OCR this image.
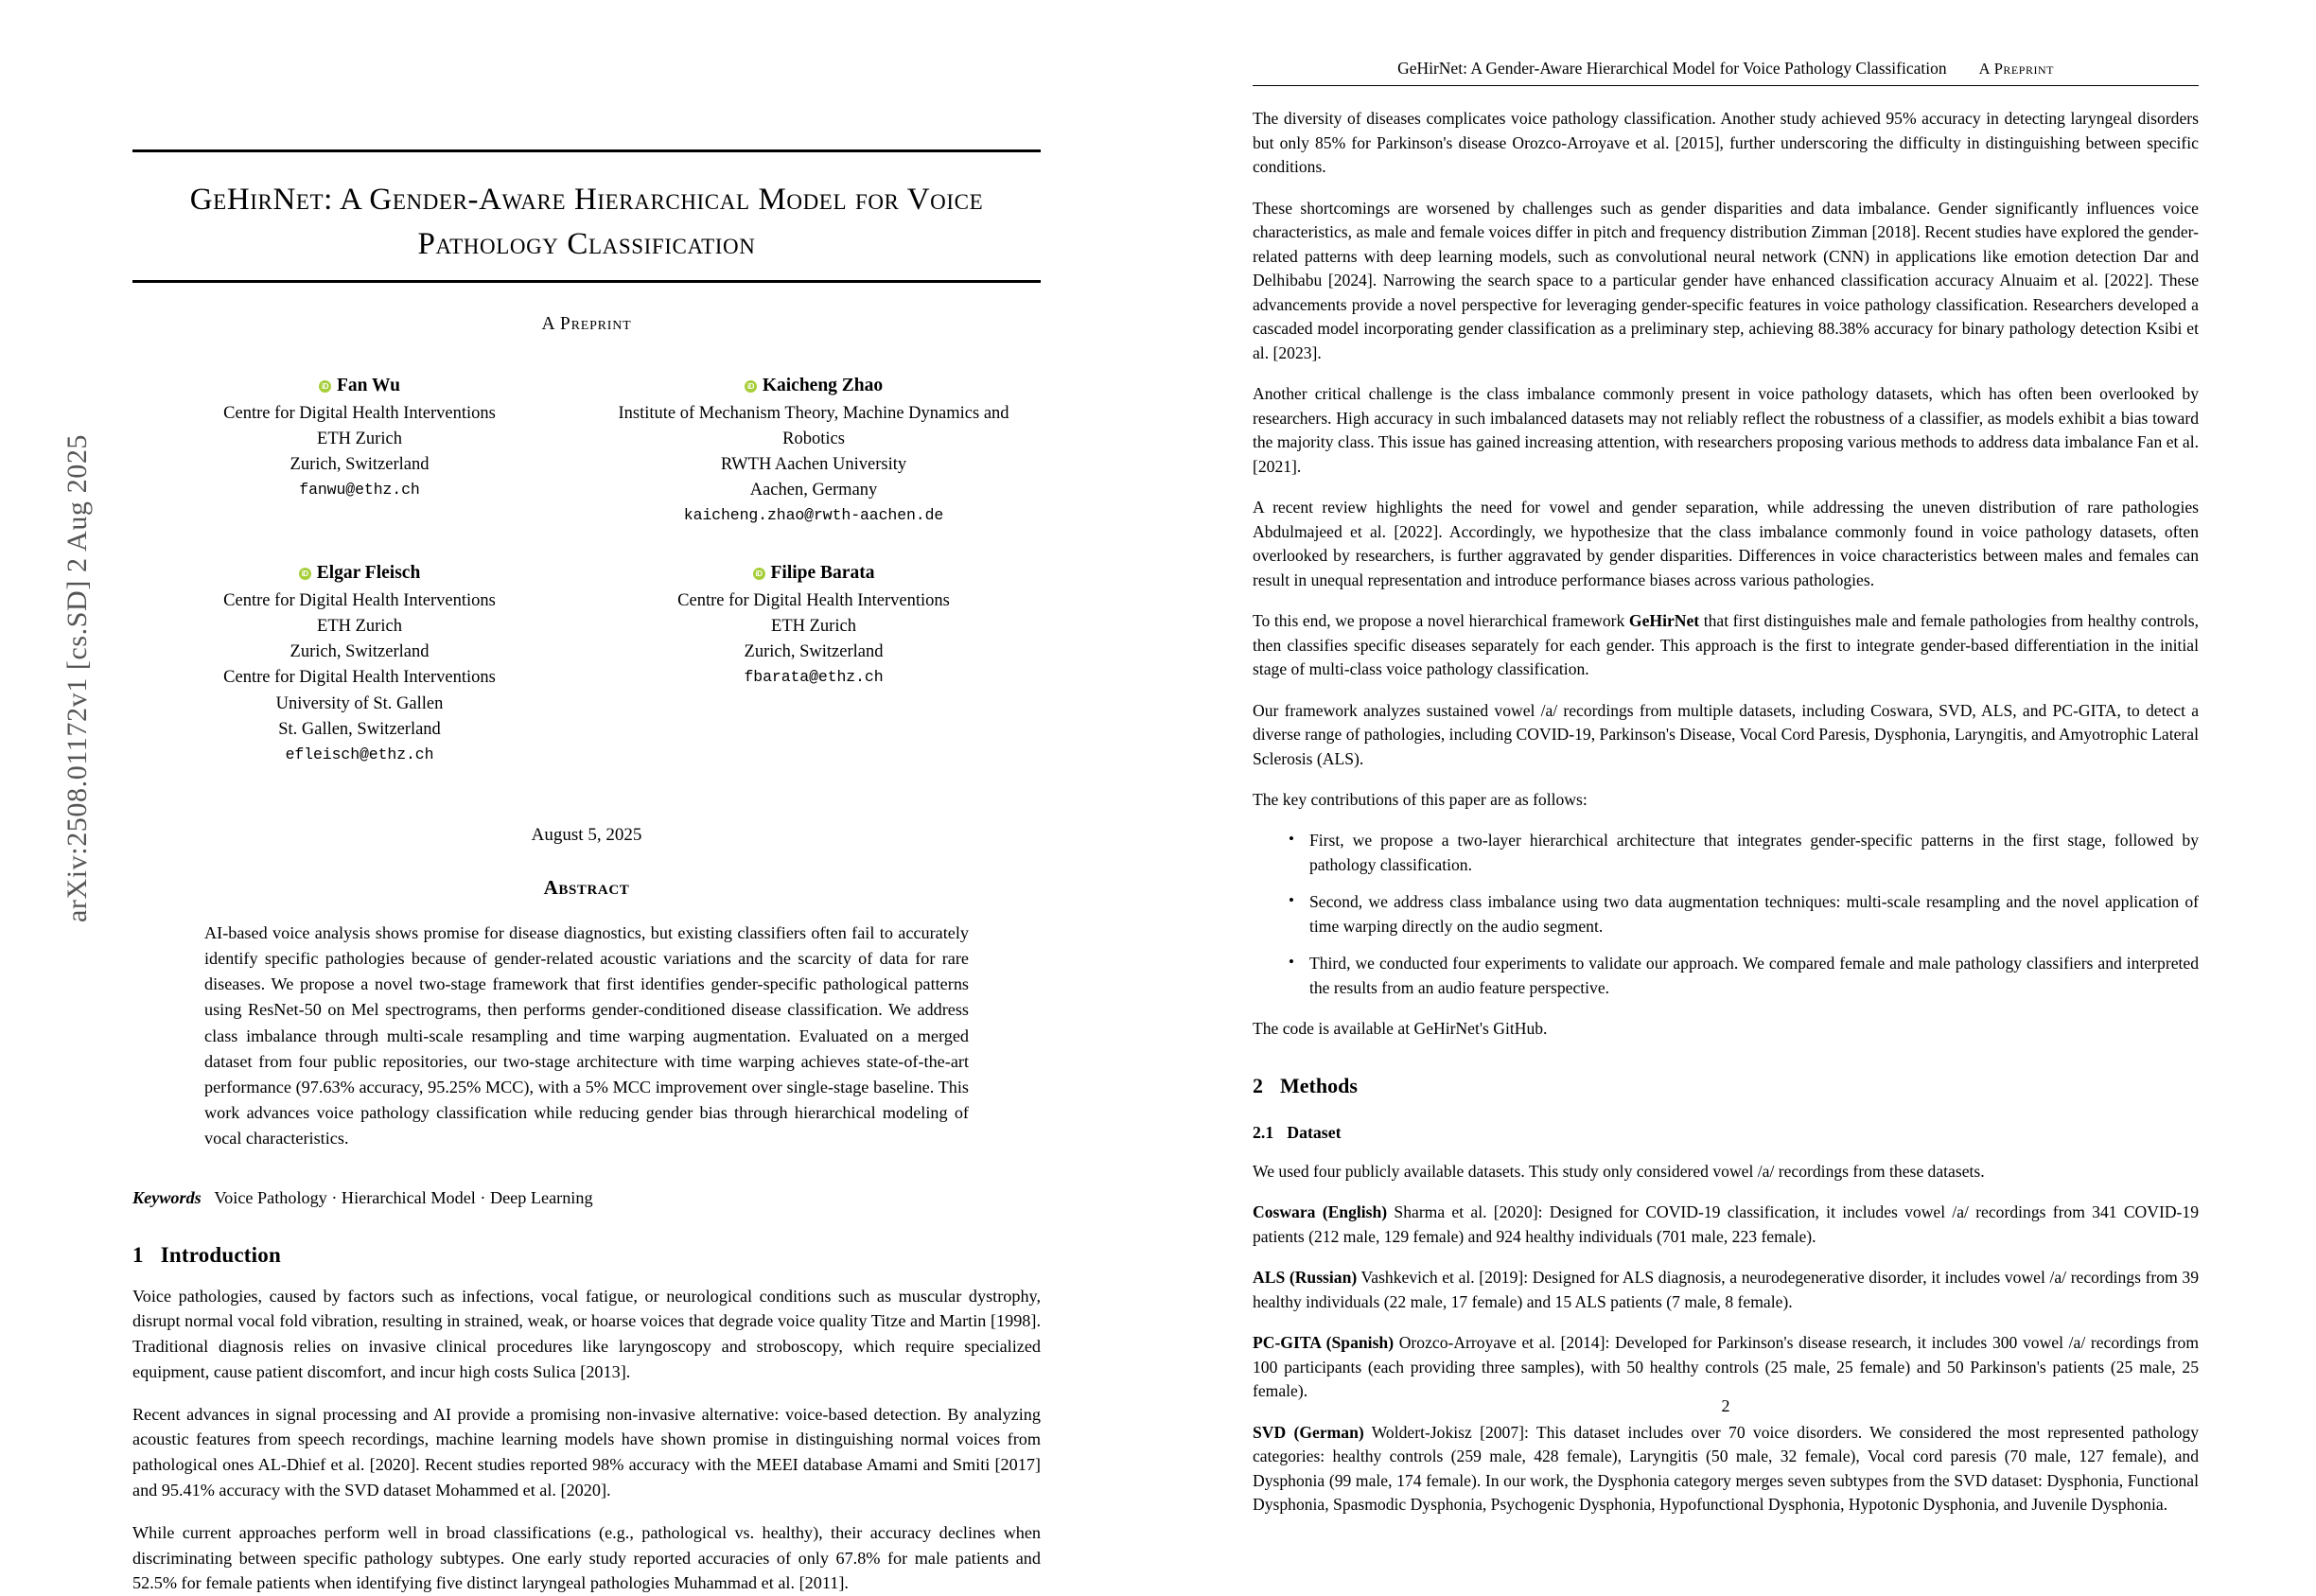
arXiv:2508.01172v1 [cs.SD] 2 Aug 2025
GeHirNet: A Gender-Aware Hierarchical Model for Voice Pathology Classification
A Preprint
iD
Fan Wu
Centre for Digital Health Interventions
ETH Zurich
Zurich, Switzerland
fanwu@ethz.ch
iD
Kaicheng Zhao
Institute of Mechanism Theory, Machine Dynamics and Robotics
RWTH Aachen University
Aachen, Germany
kaicheng.zhao@rwth-aachen.de
iD
Elgar Fleisch
Centre for Digital Health Interventions
ETH Zurich
Zurich, Switzerland
Centre for Digital Health Interventions
University of St. Gallen
St. Gallen, Switzerland
efleisch@ethz.ch
iD
Filipe Barata
Centre for Digital Health Interventions
ETH Zurich
Zurich, Switzerland
fbarata@ethz.ch
August 5, 2025
Abstract
AI-based voice analysis shows promise for disease diagnostics, but existing classifiers often fail to accurately identify specific pathologies because of gender-related acoustic variations and the scarcity of data for rare diseases. We propose a novel two-stage framework that first identifies gender-specific pathological patterns using ResNet-50 on Mel spectrograms, then performs gender-conditioned disease classification. We address class imbalance through multi-scale resampling and time warping augmentation. Evaluated on a merged dataset from four public repositories, our two-stage architecture with time warping achieves state-of-the-art performance (97.63% accuracy, 95.25% MCC), with a 5% MCC improvement over single-stage baseline. This work advances voice pathology classification while reducing gender bias through hierarchical modeling of vocal characteristics.
Keywords Voice Pathology · Hierarchical Model · Deep Learning
1 Introduction

Voice pathologies, caused by factors such as infections, vocal fatigue, or neurological conditions such as muscular dystrophy, disrupt normal vocal fold vibration, resulting in strained, weak, or hoarse voices that degrade voice quality Titze and Martin [1998]. Traditional diagnosis relies on invasive clinical procedures like laryngoscopy and stroboscopy, which require specialized equipment, cause patient discomfort, and incur high costs Sulica [2013].

Recent advances in signal processing and AI provide a promising non-invasive alternative: voice-based detection. By analyzing acoustic features from speech recordings, machine learning models have shown promise in distinguishing normal voices from pathological ones AL-Dhief et al. [2020]. Recent studies reported 98% accuracy with the MEEI database Amami and Smiti [2017] and 95.41% accuracy with the SVD dataset Mohammed et al. [2020].

While current approaches perform well in broad classifications (e.g., pathological vs. healthy), their accuracy declines when discriminating between specific pathology subtypes. One early study reported accuracies of only 67.8% for male patients and 52.5% for female patients when identifying five distinct laryngeal pathologies Muhammad et al. [2011].

GeHirNet: A Gender-Aware Hierarchical Model for Voice Pathology Classification A Preprint

The diversity of diseases complicates voice pathology classification. Another study achieved 95% accuracy in detecting laryngeal disorders but only 85% for Parkinson's disease Orozco-Arroyave et al. [2015], further underscoring the difficulty in distinguishing between specific conditions.

These shortcomings are worsened by challenges such as gender disparities and data imbalance. Gender significantly influences voice characteristics, as male and female voices differ in pitch and frequency distribution Zimman [2018]. Recent studies have explored the gender-related patterns with deep learning models, such as convolutional neural network (CNN) in applications like emotion detection Dar and Delhibabu [2024]. Narrowing the search space to a particular gender have enhanced classification accuracy Alnuaim et al. [2022]. These advancements provide a novel perspective for leveraging gender-specific features in voice pathology classification. Researchers developed a cascaded model incorporating gender classification as a preliminary step, achieving 88.38% accuracy for binary pathology detection Ksibi et al. [2023].

Another critical challenge is the class imbalance commonly present in voice pathology datasets, which has often been overlooked by researchers. High accuracy in such imbalanced datasets may not reliably reflect the robustness of a classifier, as models exhibit a bias toward the majority class. This issue has gained increasing attention, with researchers proposing various methods to address data imbalance Fan et al. [2021].

A recent review highlights the need for vowel and gender separation, while addressing the uneven distribution of rare pathologies Abdulmajeed et al. [2022]. Accordingly, we hypothesize that the class imbalance commonly found in voice pathology datasets, often overlooked by researchers, is further aggravated by gender disparities. Differences in voice characteristics between males and females can result in unequal representation and introduce performance biases across various pathologies.

To this end, we propose a novel hierarchical framework GeHirNet that first distinguishes male and female pathologies from healthy controls, then classifies specific diseases separately for each gender. This approach is the first to integrate gender-based differentiation in the initial stage of multi-class voice pathology classification.

Our framework analyzes sustained vowel /a/ recordings from multiple datasets, including Coswara, SVD, ALS, and PC-GITA, to detect a diverse range of pathologies, including COVID-19, Parkinson's Disease, Vocal Cord Paresis, Dysphonia, Laryngitis, and Amyotrophic Lateral Sclerosis (ALS).

The key contributions of this paper are as follows:

• First, we propose a two-layer hierarchical architecture that integrates gender-specific patterns in the first stage, followed by pathology classification.
• Second, we address class imbalance using two data augmentation techniques: multi-scale resampling and the novel application of time warping directly on the audio segment.
• Third, we conducted four experiments to validate our approach. We compared female and male pathology classifiers and interpreted the results from an audio feature perspective.

The code is available at GeHirNet's GitHub.

2 Methods
2.1 Dataset

We used four publicly available datasets. This study only considered vowel /a/ recordings from these datasets.

Coswara (English) Sharma et al. [2020]: Designed for COVID-19 classification, it includes vowel /a/ recordings from 341 COVID-19 patients (212 male, 129 female) and 924 healthy individuals (701 male, 223 female).

ALS (Russian) Vashkevich et al. [2019]: Designed for ALS diagnosis, a neurodegenerative disorder, it includes vowel /a/ recordings from 39 healthy individuals (22 male, 17 female) and 15 ALS patients (7 male, 8 female).

PC-GITA (Spanish) Orozco-Arroyave et al. [2014]: Developed for Parkinson's disease research, it includes 300 vowel /a/ recordings from 100 participants (each providing three samples), with 50 healthy controls (25 male, 25 female) and 50 Parkinson's patients (25 male, 25 female).

SVD (German) Woldert-Jokisz [2007]: This dataset includes over 70 voice disorders. We considered the most represented pathology categories: healthy controls (259 male, 428 female), Laryngitis (50 male, 32 female), Vocal cord paresis (70 male, 127 female), and Dysphonia (99 male, 174 female). In our work, the Dysphonia category merges seven subtypes from the SVD dataset: Dysphonia, Functional Dysphonia, Spasmodic Dysphonia, Psychogenic Dysphonia, Hypofunctional Dysphonia, Hypotonic Dysphonia, and Juvenile Dysphonia.

2
